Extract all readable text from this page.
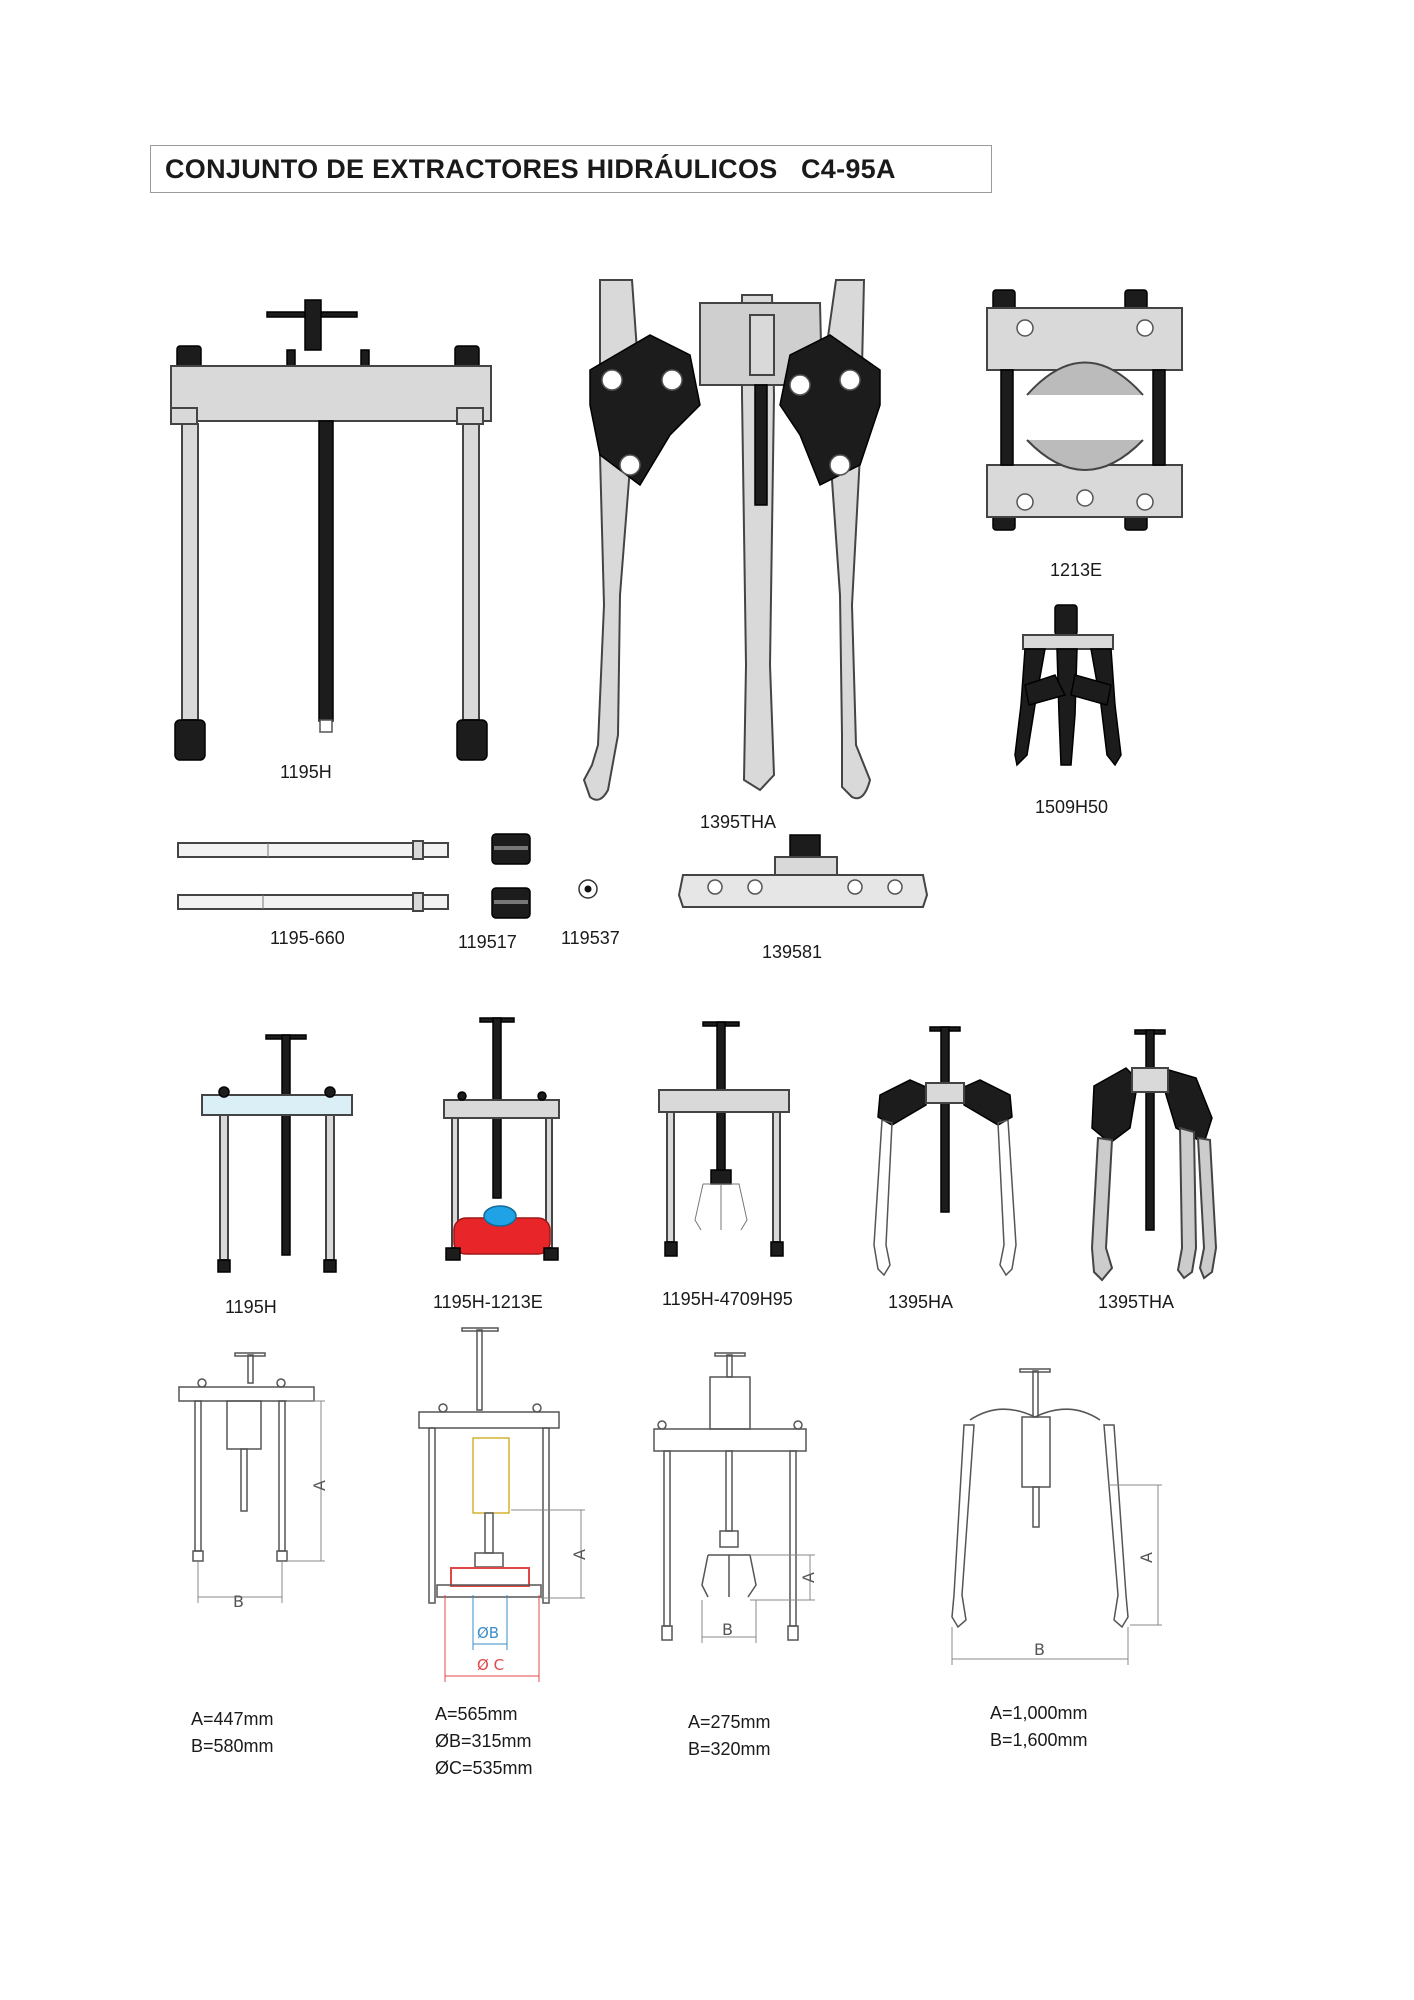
CONJUNTO DE EXTRACTORES HIDRÁULICOS   C4-95A
1195H
1395THA
1213E
1509H50
1195-660	119517 119537
139581
1195H	1195H-1213E	1195H-4709H95	1395HA	1395THA
A
B
A
ØB
Ø C
A
B
A
B
A=447mm
B=580mm
A=565mm
ØB=315mm
ØC=535mm
A=275mm
B=320mm
A=1,000mm
B=1,600mm
